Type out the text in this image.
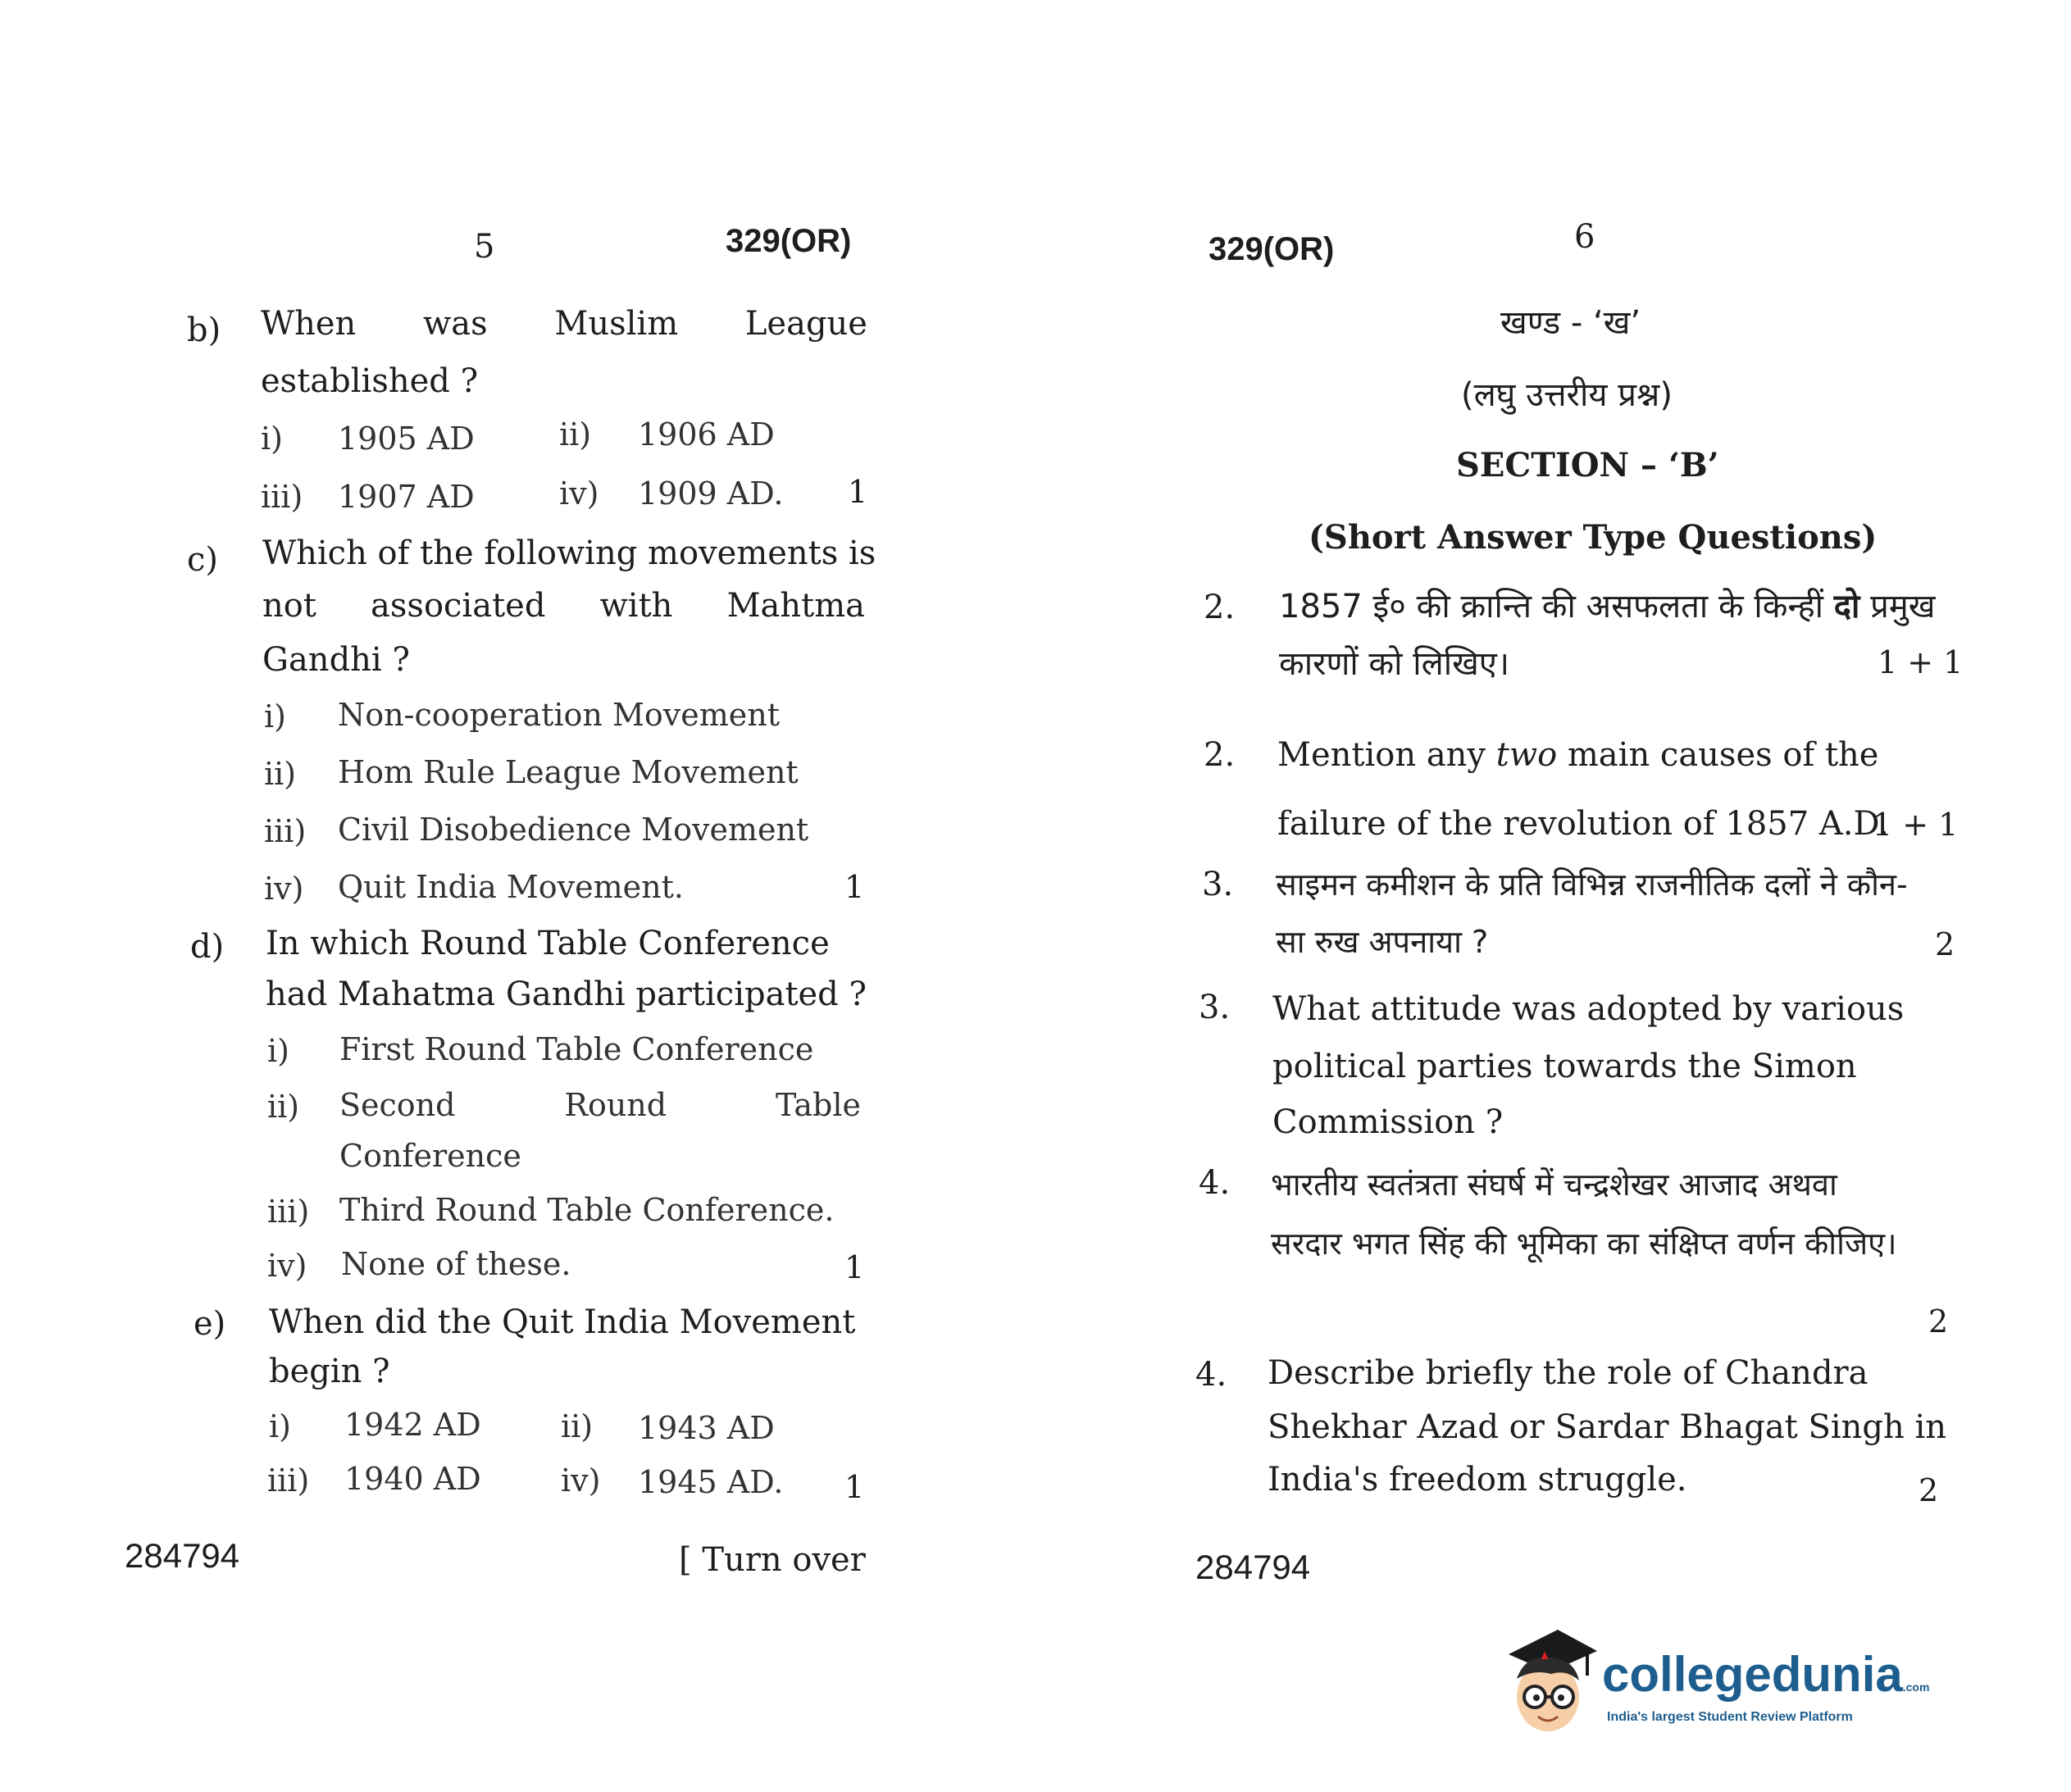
5	329(OR)
b) When was Muslim League
established ?
i) 1905 AD	ii) 1906 AD
iii) 1907 AD	iv) 1909 AD. 1
c) Which of the following movements is
not associated with Mahtma
Gandhi ?
i) Non-cooperation Movement
ii) Hom Rule League Movement
iii) Civil Disobedience Movement
iv) Quit India Movement.	1
d) In which Round Table Conference
had Mahatma Gandhi participated ?
i) First Round Table Conference
ii) Second	Round	Table
Conference
iii) Third Round Table Conference.
iv) None of these.	1
e) When did the Quit India Movement
begin ?
i) 1942 AD	ii) 1943 AD
iii) 1940 AD	iv) 1945 AD. 1
284794	[ Turn over
329(OR)	6
खण्ड - ‘ख’
(लघु उत्तरीय प्रश्न)
SECTION – ‘B’
(Short Answer Type Questions)
2. 1857 ई० की क्रान्ति की असफलता के किन्हीं दो प्रमुख
कारणों को लिखिए।	1 + 1
2. Mention any two main causes of the
failure of the revolution of 1857 A.D.
1 + 1
3. साइमन कमीशन के प्रति विभिन्न राजनीतिक दलों ने कौन-
सा रुख अपनाया ?	2
3. What attitude was adopted by various
political parties towards the Simon
Commission ?
4. भारतीय स्वतंत्रता संघर्ष में चन्द्रशेखर आजाद अथवा
सरदार भगत सिंह की भूमिका का संक्षिप्त वर्णन कीजिए।
2
4. Describe briefly the role of Chandra
Shekhar Azad or Sardar Bhagat Singh in
India's freedom struggle.	2
284794
collegedunia.com
India's largest Student Review Platform
